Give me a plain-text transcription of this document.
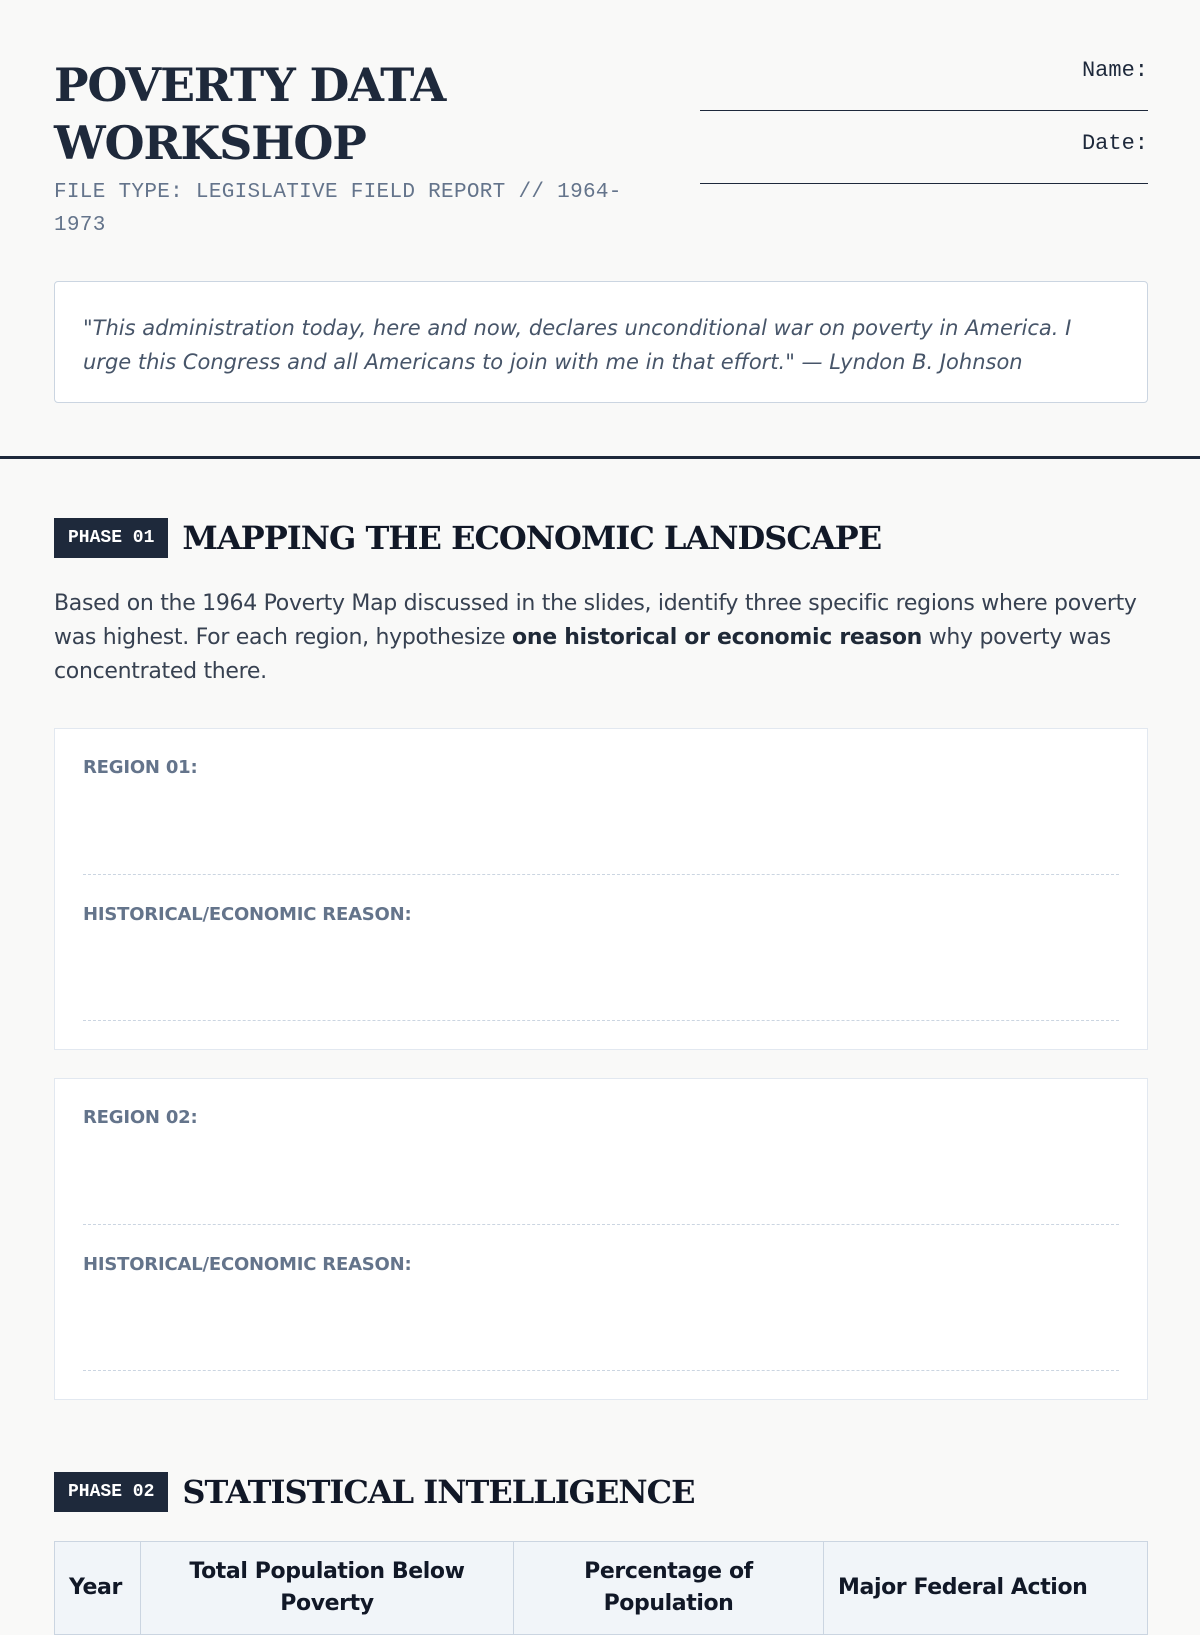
POVERTY DATA WORKSHOP
FILE TYPE: LEGISLATIVE FIELD REPORT // 1964-1973
Name:
Date:

"This administration today, here and now, declares unconditional war on poverty in America. I urge this Congress and all Americans to join with me in that effort." — Lyndon B. Johnson

PHASE 01 MAPPING THE ECONOMIC LANDSCAPE

Based on the 1964 Poverty Map discussed in the slides, identify three specific regions where poverty was highest. For each region, hypothesize one historical or economic reason why poverty was concentrated there.

REGION 01:
HISTORICAL/ECONOMIC REASON:
REGION 02:
HISTORICAL/ECONOMIC REASON:
PHASE 02 STATISTICAL INTELLIGENCE
Year	Total Population Below Poverty	Percentage of Population	Major Federal Action
